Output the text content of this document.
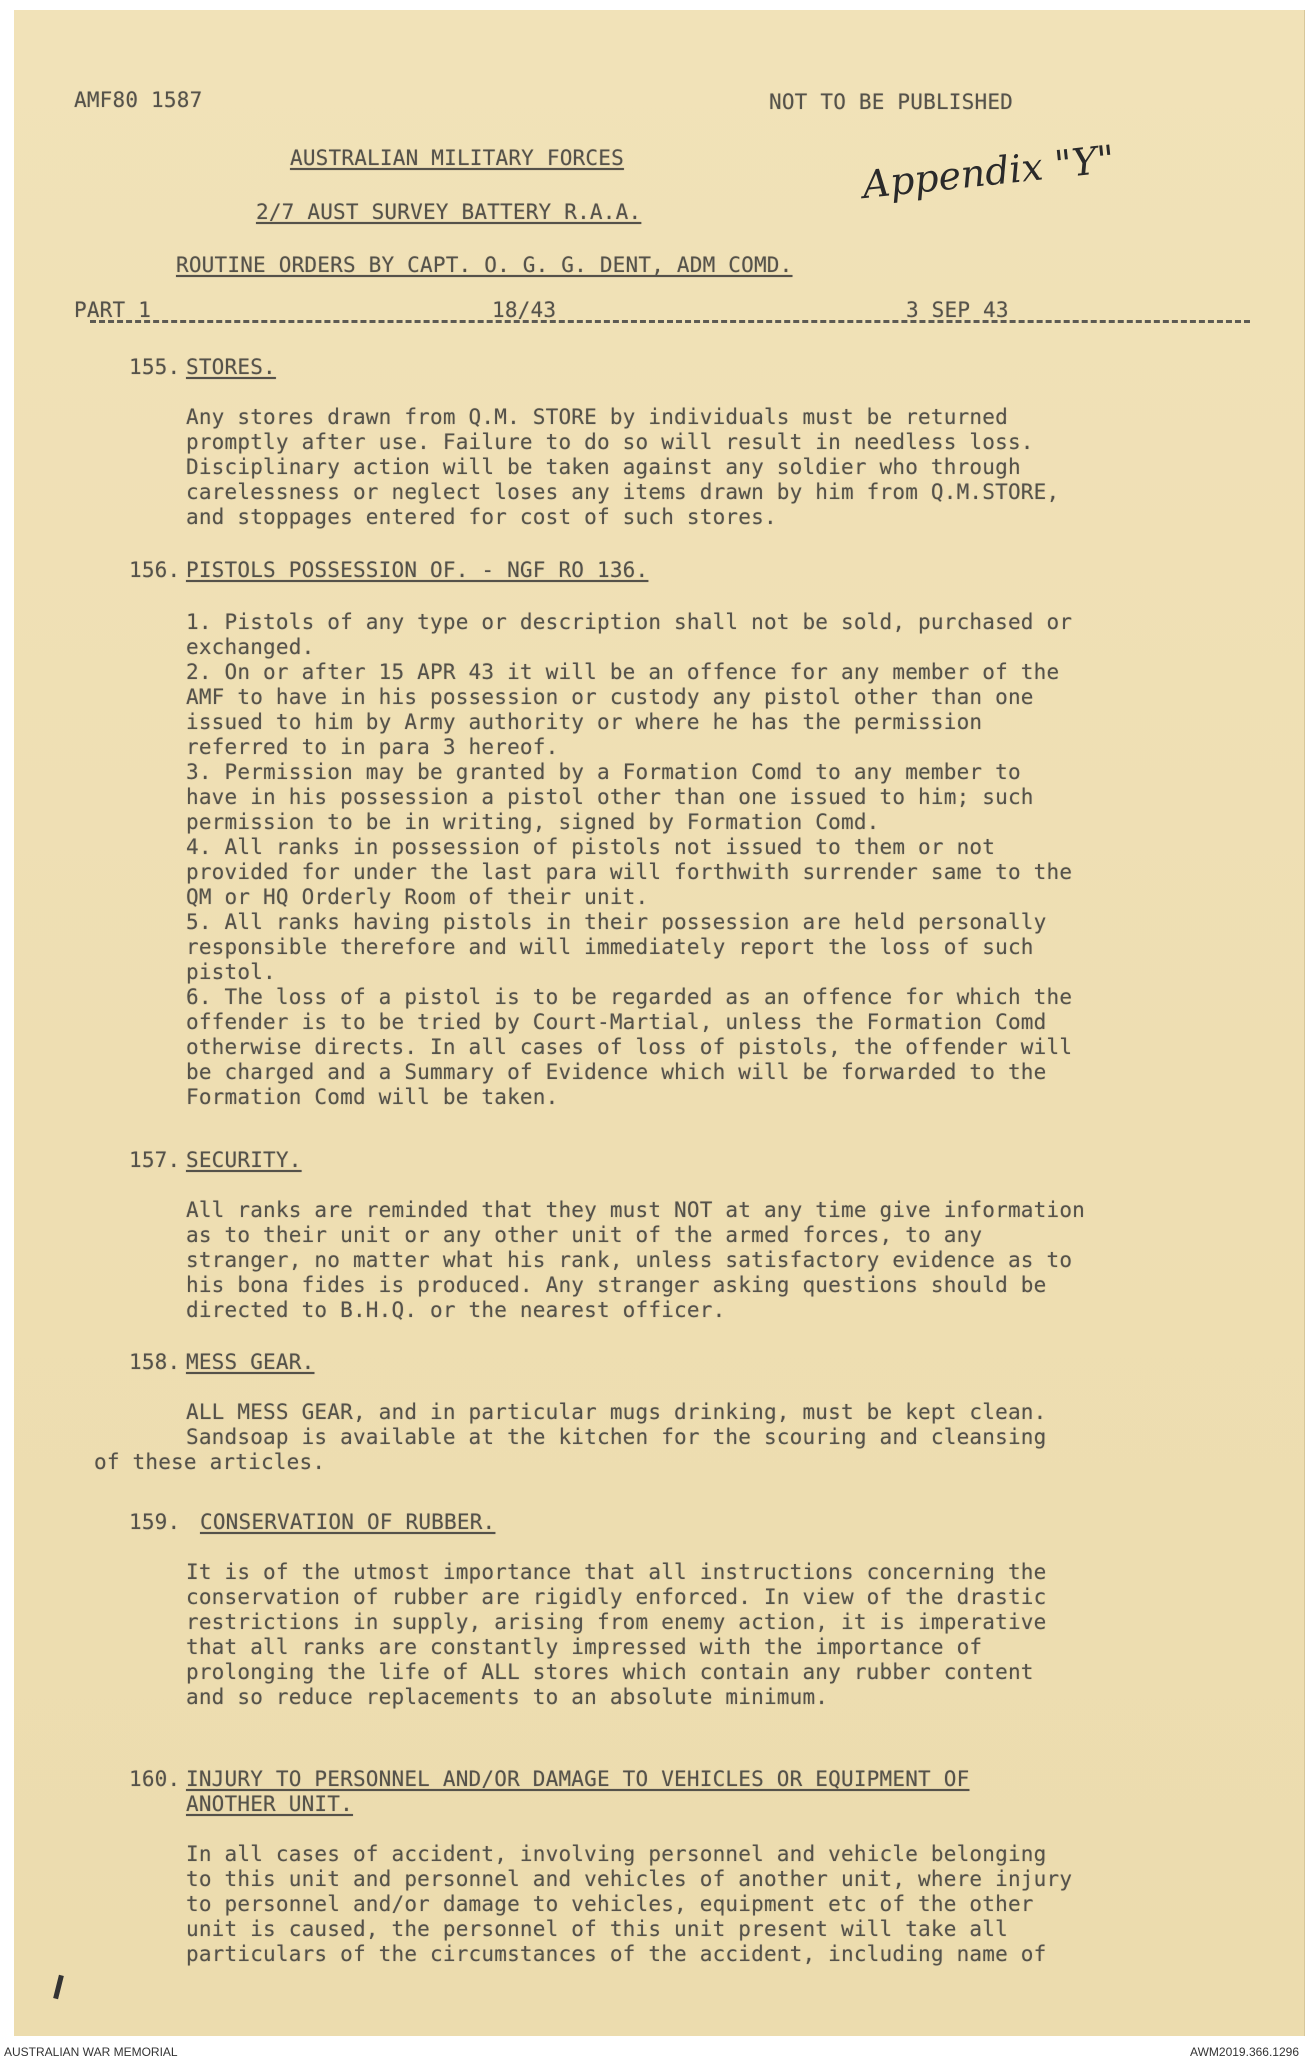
AMF80 1587	NOT TO BE PUBLISHED
Appendix "Y"
AUSTRALIAN MILITARY FORCES
2/7 AUST SURVEY BATTERY R.A.A.
ROUTINE ORDERS BY CAPT. O. G. G. DENT, ADM COMD.
PART 1	18/43	3 SEP 43
155. STORES.
Any stores drawn from Q.M. STORE by individuals must be returned
promptly after use. Failure to do so will result in needless loss.
Disciplinary action will be taken against any soldier who through
carelessness or neglect loses any items drawn by him from Q.M.STORE,
and stoppages entered for cost of such stores.
156. PISTOLS POSSESSION OF. - NGF RO 136.
1. Pistols of any type or description shall not be sold, purchased or
exchanged.
2. On or after 15 APR 43 it will be an offence for any member of the
AMF to have in his possession or custody any pistol other than one
issued to him by Army authority or where he has the permission
referred to in para 3 hereof.
3. Permission may be granted by a Formation Comd to any member to
have in his possession a pistol other than one issued to him; such
permission to be in writing, signed by Formation Comd.
4. All ranks in possession of pistols not issued to them or not
provided for under the last para will forthwith surrender same to the
QM or HQ Orderly Room of their unit.
5. All ranks having pistols in their possession are held personally
responsible therefore and will immediately report the loss of such
pistol.
6. The loss of a pistol is to be regarded as an offence for which the
offender is to be tried by Court-Martial, unless the Formation Comd
otherwise directs. In all cases of loss of pistols, the offender will
be charged and a Summary of Evidence which will be forwarded to the
Formation Comd will be taken.
157. SECURITY.
All ranks are reminded that they must NOT at any time give information
as to their unit or any other unit of the armed forces, to any
stranger, no matter what his rank, unless satisfactory evidence as to
his bona fides is produced. Any stranger asking questions should be
directed to B.H.Q. or the nearest officer.
158. MESS GEAR.
ALL MESS GEAR, and in particular mugs drinking, must be kept clean.
Sandsoap is available at the kitchen for the scouring and cleansing
of these articles.
159. CONSERVATION OF RUBBER.
It is of the utmost importance that all instructions concerning the
conservation of rubber are rigidly enforced. In view of the drastic
restrictions in supply, arising from enemy action, it is imperative
that all ranks are constantly impressed with the importance of
prolonging the life of ALL stores which contain any rubber content
and so reduce replacements to an absolute minimum.
160. INJURY TO PERSONNEL AND/OR DAMAGE TO VEHICLES OR EQUIPMENT OF
ANOTHER UNIT.
In all cases of accident, involving personnel and vehicle belonging
to this unit and personnel and vehicles of another unit, where injury
to personnel and/or damage to vehicles, equipment etc of the other
unit is caused, the personnel of this unit present will take all
particulars of the circumstances of the accident, including name of
AUSTRALIAN WAR MEMORIAL	AWM2019.366.1296
